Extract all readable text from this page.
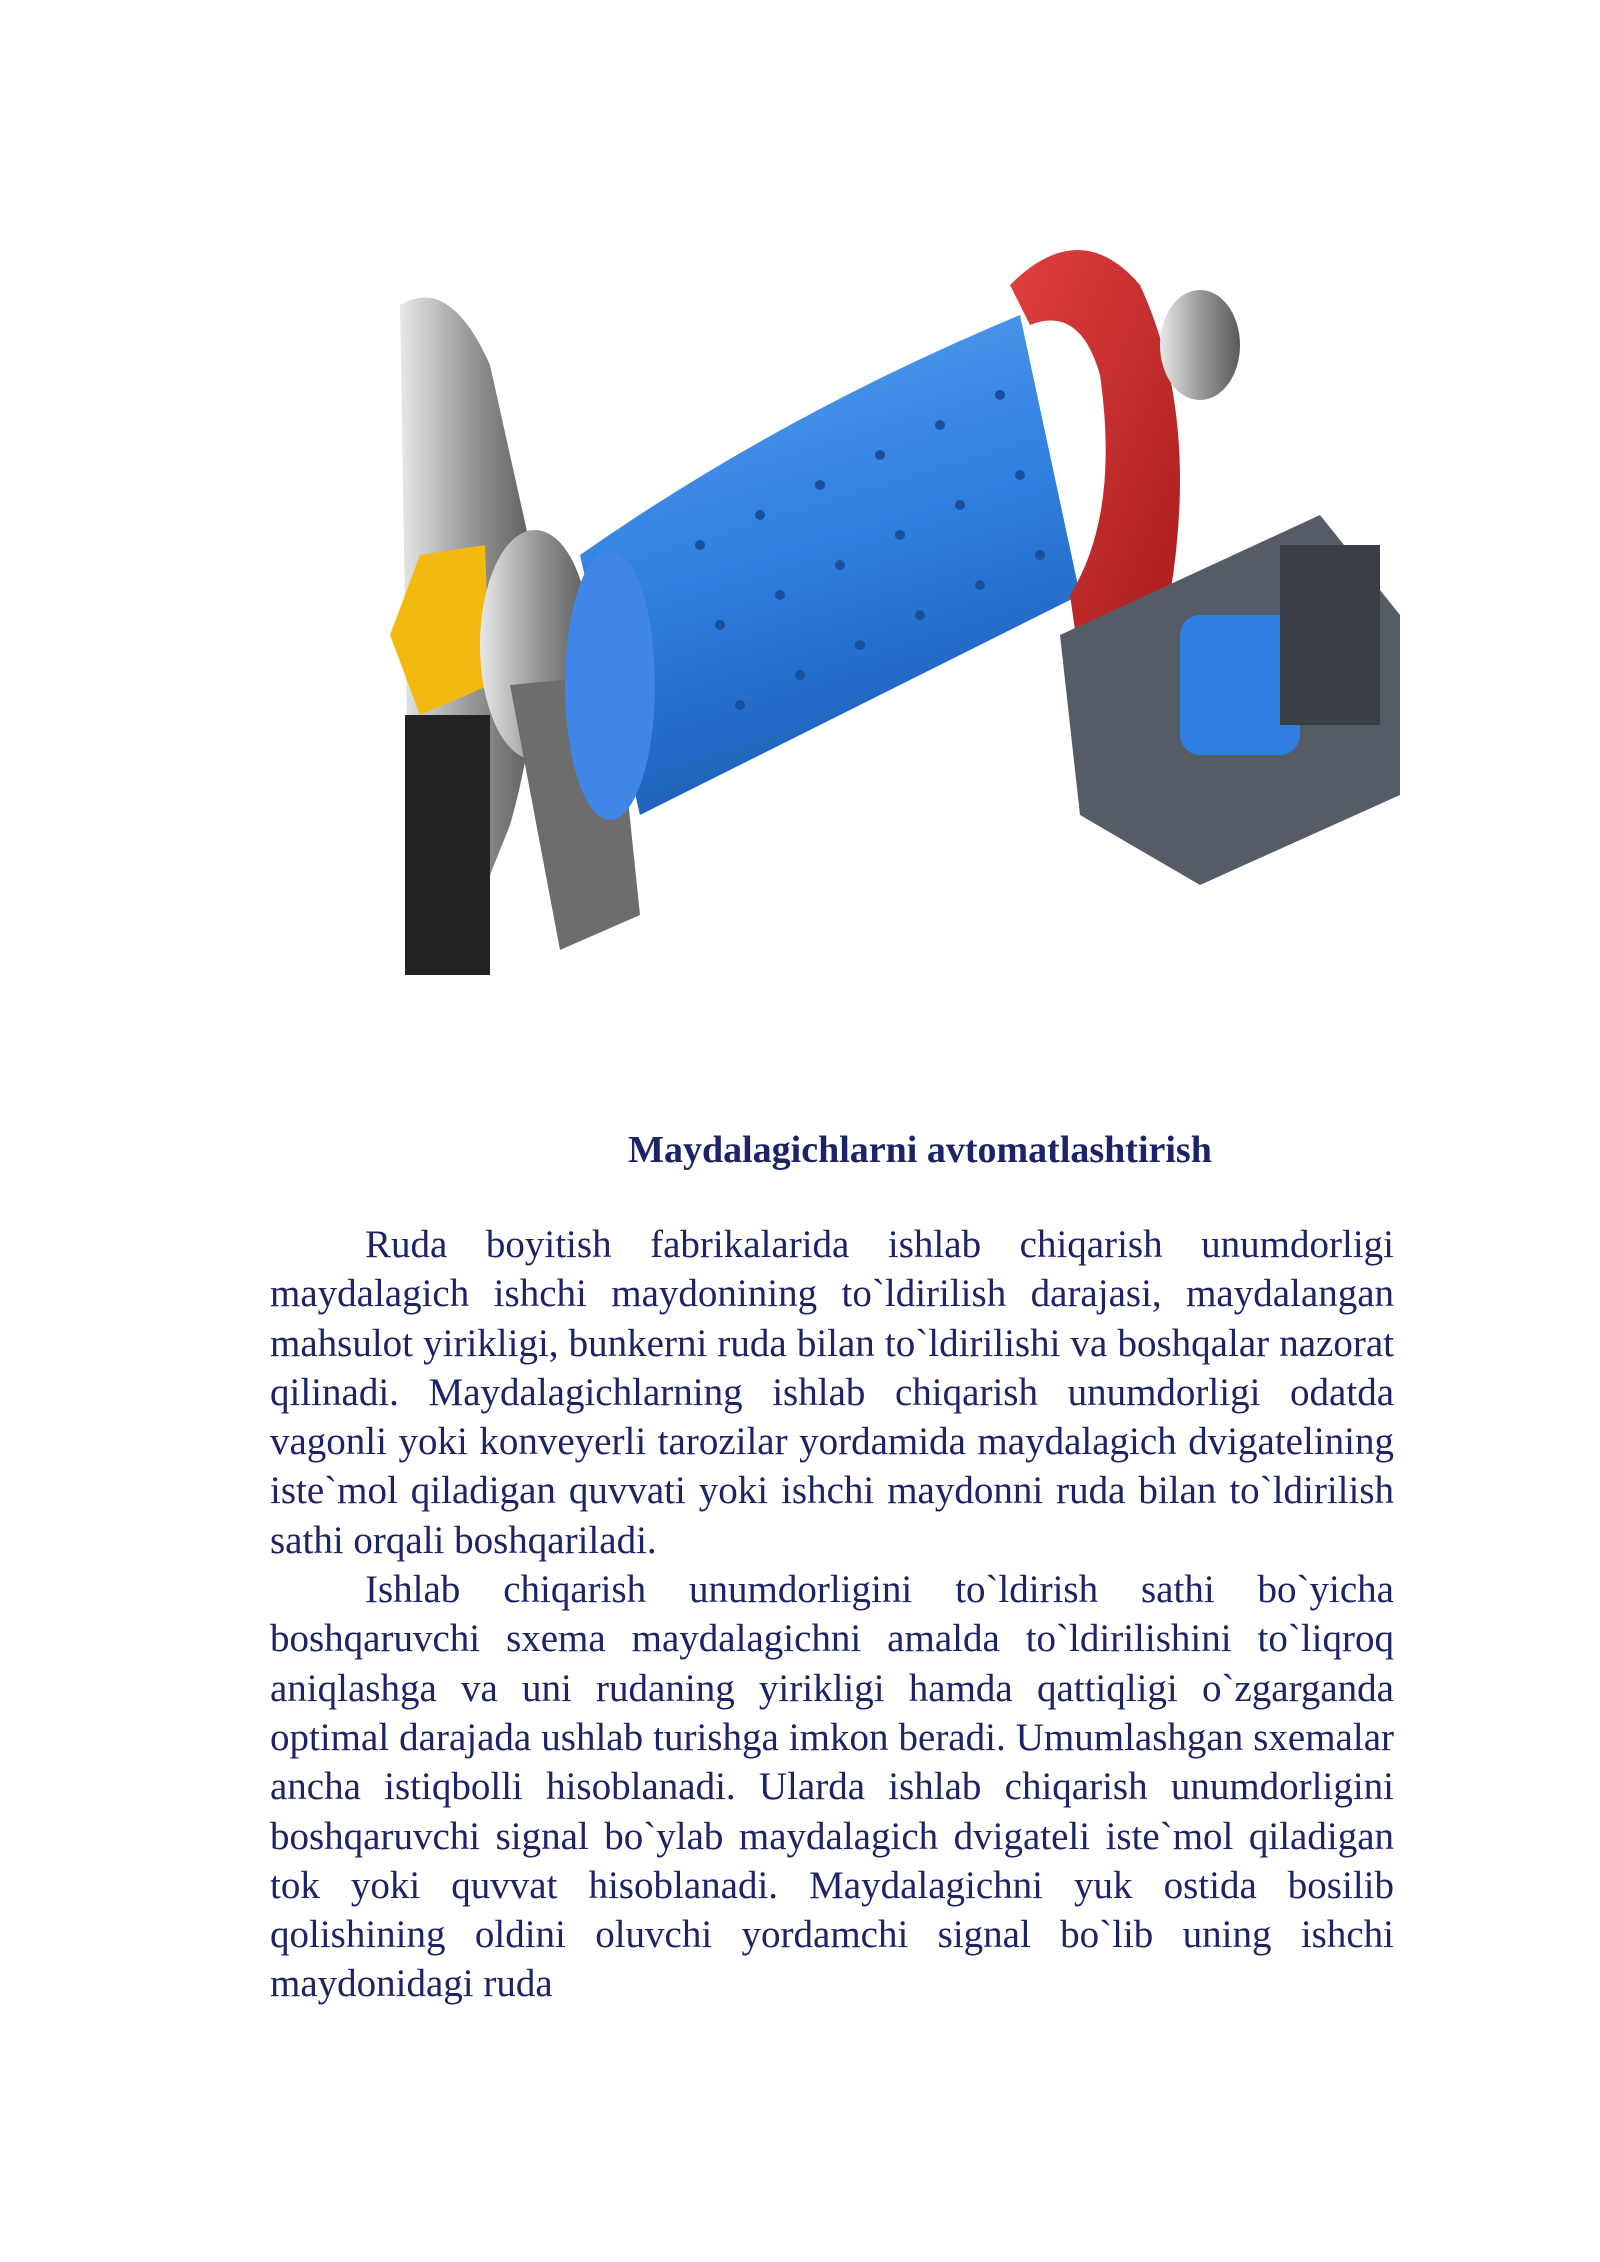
Maydalagichlarni avtomatlashtirish

Ruda boyitish fabrikalarida ishlab chiqarish unumdorligi maydalagich ishchi maydonining to`ldirilish darajasi, maydalangan mahsulot yirikligi, bunkerni ruda bilan to`ldirilishi va boshqalar nazorat qilinadi. Maydalagichlarning ishlab chiqarish unumdorligi odatda vagonli yoki konveyerli tarozilar yordamida maydalagich dvigatelining iste`mol qiladigan quvvati yoki ishchi maydonni ruda bilan to`ldirilish sathi orqali boshqariladi.

Ishlab chiqarish unumdorligini to`ldirish sathi bo`yicha boshqaruvchi sxema maydalagichni amalda to`ldirilishini to`liqroq aniqlashga va uni rudaning yirikligi hamda qattiqligi o`zgarganda optimal darajada ushlab turishga imkon beradi. Umumlashgan sxemalar ancha istiqbolli hisoblanadi. Ularda ishlab chiqarish unumdorligini boshqaruvchi signal bo`ylab maydalagich dvigateli iste`mol qiladigan tok yoki quvvat hisoblanadi. Maydalagichni yuk ostida bosilib qolishining oldini oluvchi yordamchi signal bo`lib uning ishchi maydonidagi ruda
